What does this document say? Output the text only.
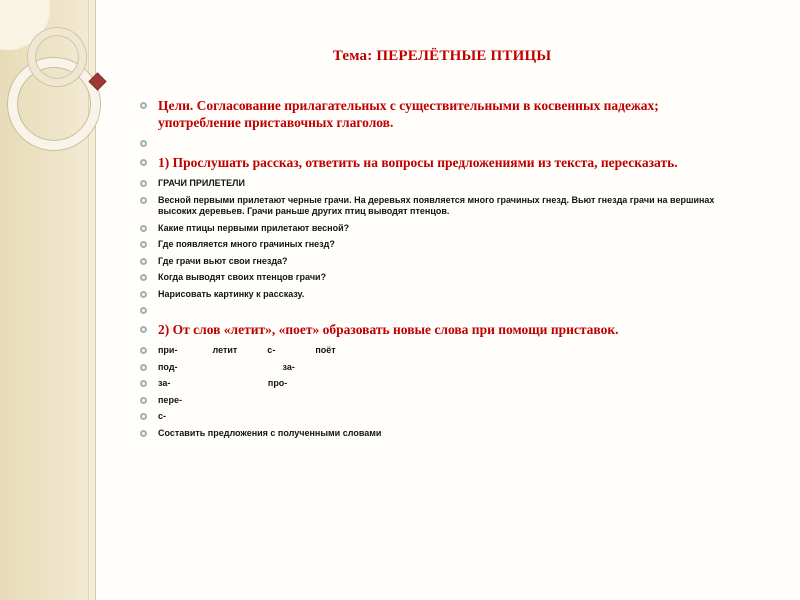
Тема: ПЕРЕЛЁТНЫЕ ПТИЦЫ
Цели. Согласование прилагательных с существительными в косвенных падежах; употребление приставочных глаголов.
1) Прослушать рассказ, ответить на вопросы предложениями из текста, пересказать.
ГРАЧИ ПРИЛЕТЕЛИ
Весной первыми прилетают черные грачи. На деревьях появляется много грачиных гнезд. Вьют гнезда грачи на вершинах высоких деревьев. Грачи раньше других птиц выводят птенцов.
Какие птицы первыми прилетают весной?
Где появляется много грачиных гнезд?
Где грачи вьют свои гнезда?
Когда выводят своих птенцов грачи?
Нарисовать картинку к рассказу.
2) От слов «летит», «поет» образовать новые слова при помощи приставок.
при-              летит            с-                поёт
под-                                          за-
за-                                       про-
пере-
с-
Составить предложения с полученными словами
